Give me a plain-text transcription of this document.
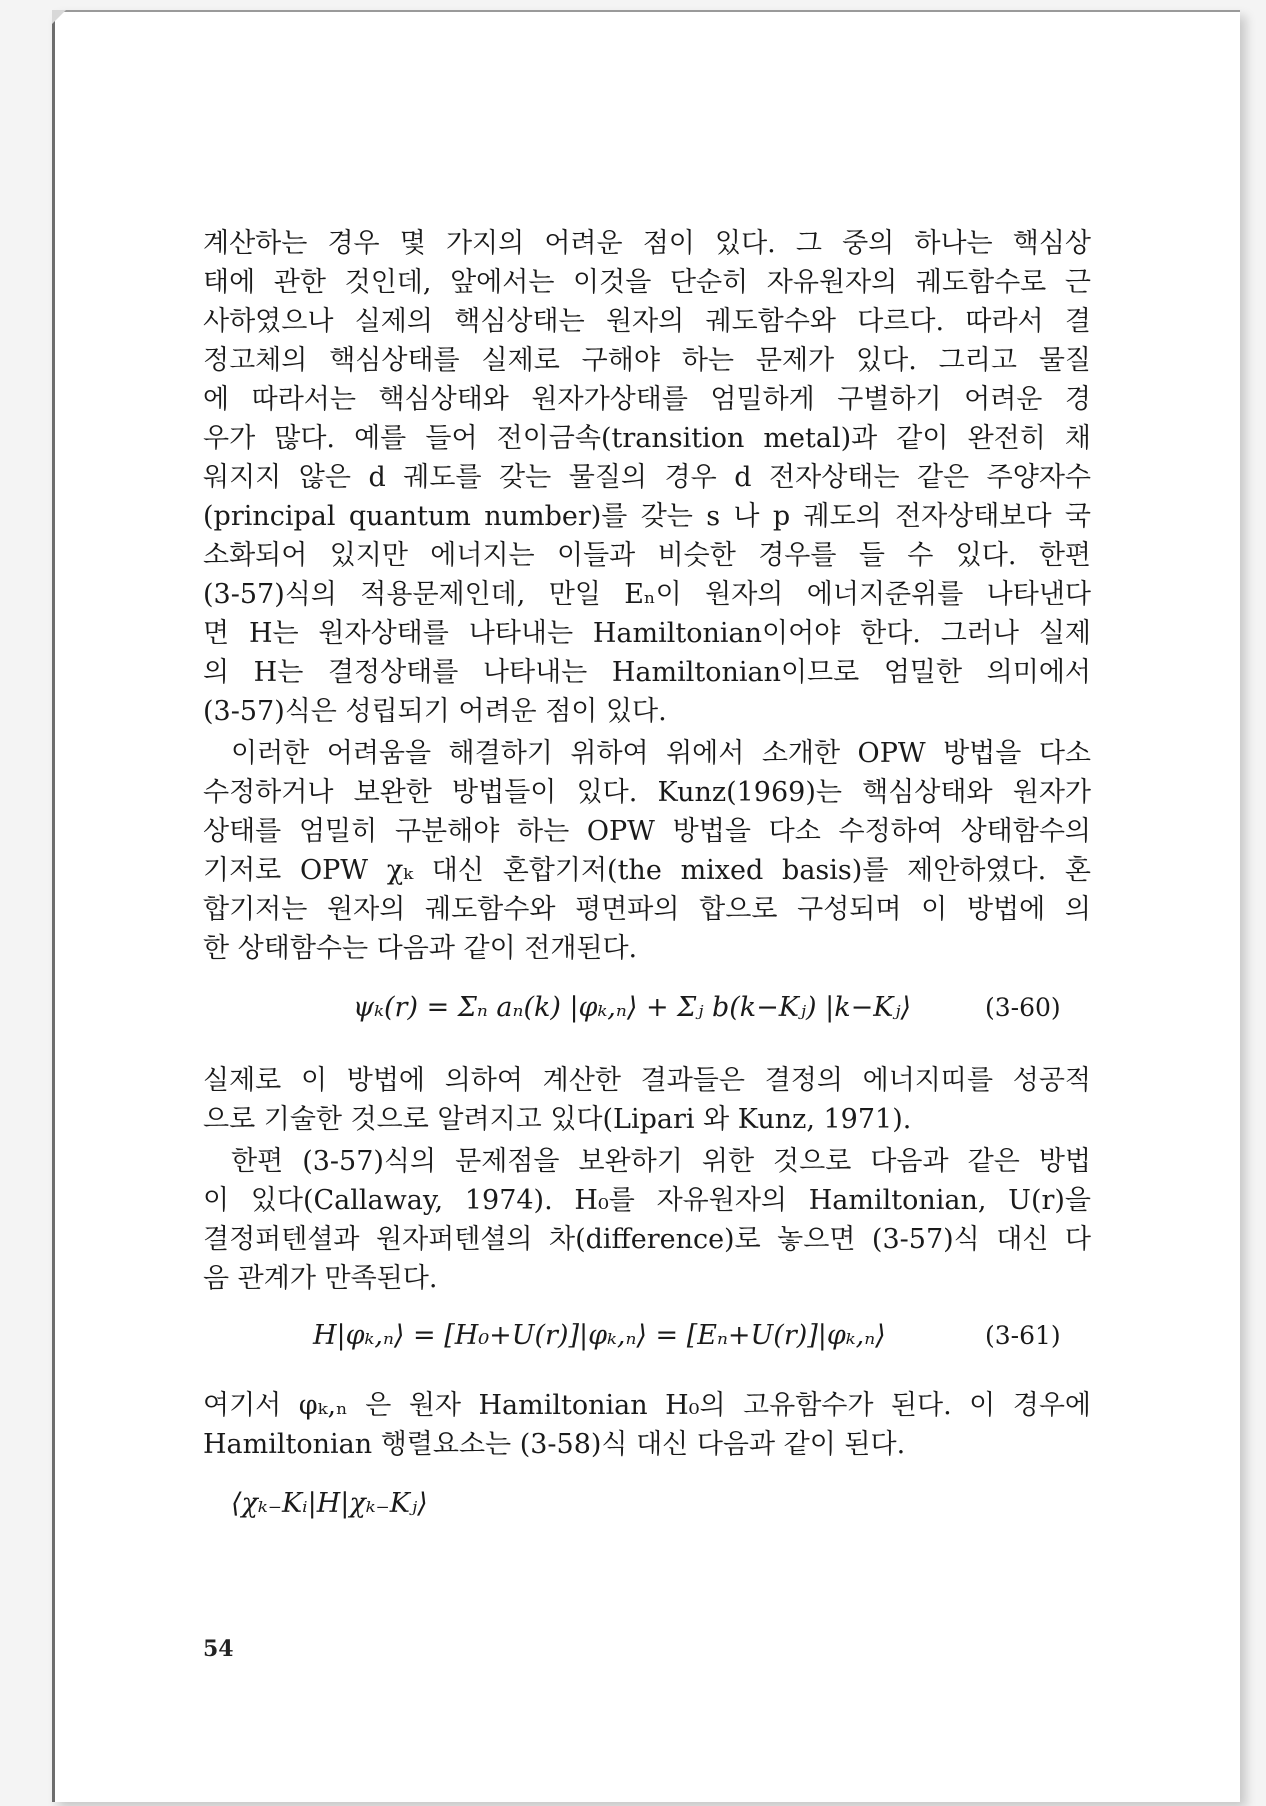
계산하는 경우 몇 가지의 어려운 점이 있다. 그 중의 하나는 핵심상
태에 관한 것인데, 앞에서는 이것을 단순히 자유원자의 궤도함수로 근
사하였으나 실제의 핵심상태는 원자의 궤도함수와 다르다. 따라서 결
정고체의 핵심상태를 실제로 구해야 하는 문제가 있다. 그리고 물질
에 따라서는 핵심상태와 원자가상태를 엄밀하게 구별하기 어려운 경
우가 많다. 예를 들어 전이금속(transition metal)과 같이 완전히 채
워지지 않은 d 궤도를 갖는 물질의 경우 d 전자상태는 같은 주양자수
(principal quantum number)를 갖는 s 나 p 궤도의 전자상태보다 국
소화되어 있지만 에너지는 이들과 비슷한 경우를 들 수 있다. 한편
(3-57)식의 적용문제인데, 만일 Eₙ이 원자의 에너지준위를 나타낸다
면 H는 원자상태를 나타내는 Hamiltonian이어야 한다. 그러나 실제
의 H는 결정상태를 나타내는 Hamiltonian이므로 엄밀한 의미에서
(3-57)식은 성립되기 어려운 점이 있다.
이러한 어려움을 해결하기 위하여 위에서 소개한 OPW 방법을 다소
수정하거나 보완한 방법들이 있다. Kunz(1969)는 핵심상태와 원자가
상태를 엄밀히 구분해야 하는 OPW 방법을 다소 수정하여 상태함수의
기저로 OPW χₖ 대신 혼합기저(the mixed basis)를 제안하였다. 혼
합기저는 원자의 궤도함수와 평면파의 합으로 구성되며 이 방법에 의
한 상태함수는 다음과 같이 전개된다.
ψₖ(r) = Σₙ aₙ(k) |φₖ,ₙ⟩ + Σⱼ b(k−Kⱼ) |k−Kⱼ⟩	(3-60)
실제로 이 방법에 의하여 계산한 결과들은 결정의 에너지띠를 성공적
으로 기술한 것으로 알려지고 있다(Lipari 와 Kunz, 1971).
한편 (3-57)식의 문제점을 보완하기 위한 것으로 다음과 같은 방법
이 있다(Callaway, 1974). H₀를 자유원자의 Hamiltonian, U(r)을
결정퍼텐셜과 원자퍼텐셜의 차(difference)로 놓으면 (3-57)식 대신 다
음 관계가 만족된다.
H|φₖ,ₙ⟩ = [H₀+U(r)]|φₖ,ₙ⟩ = [Eₙ+U(r)]|φₖ,ₙ⟩	(3-61)
여기서 φₖ,ₙ 은 원자 Hamiltonian H₀의 고유함수가 된다. 이 경우에
Hamiltonian 행렬요소는 (3-58)식 대신 다음과 같이 된다.
⟨χₖ₋Kᵢ|H|χₖ₋Kⱼ⟩
54
